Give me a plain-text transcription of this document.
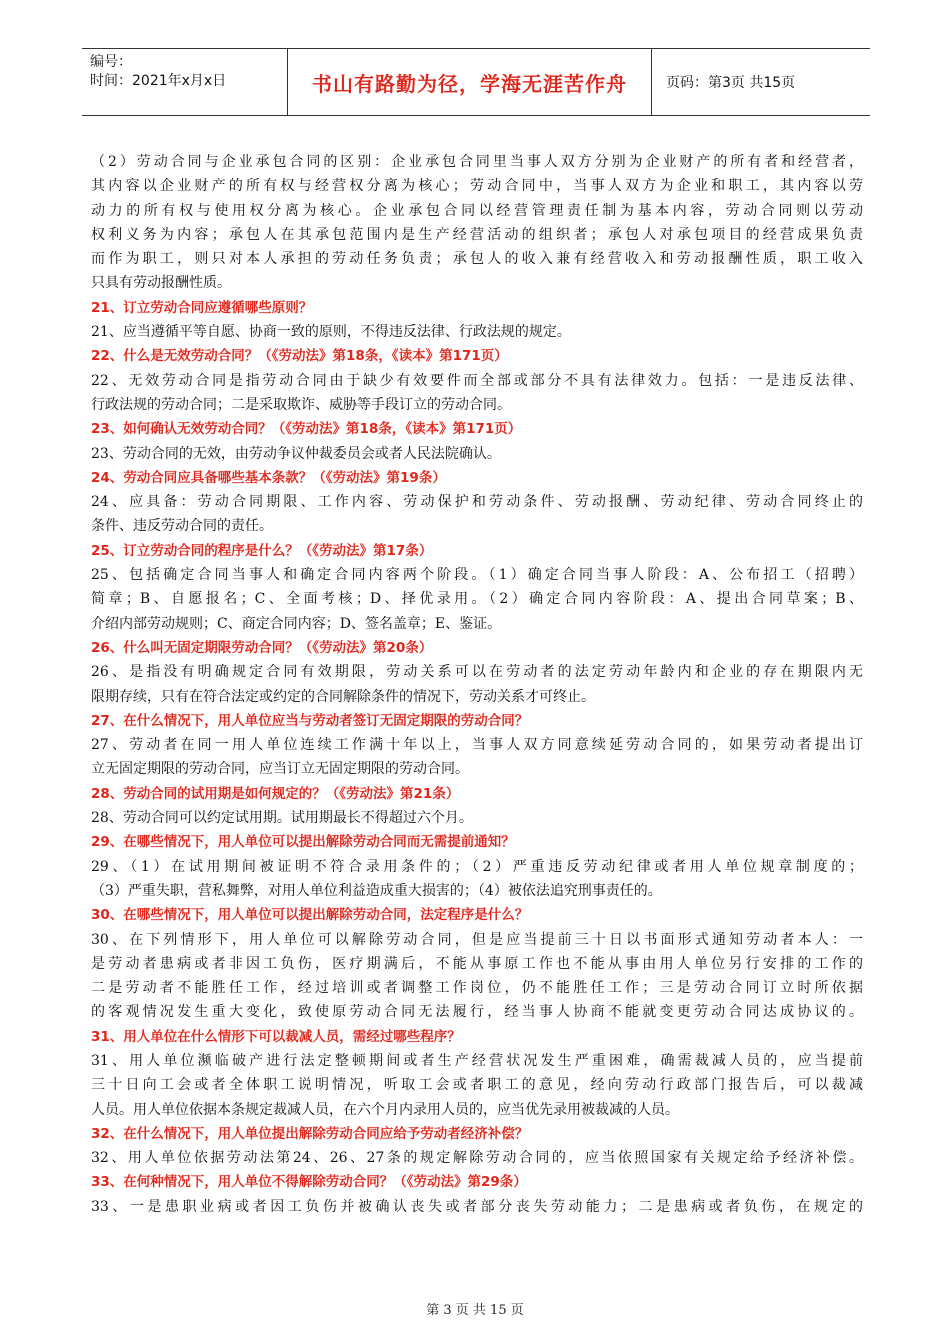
编号：
时间：2021年x月x日	书山有路勤为径，学海无涯苦作舟	页码：第3页 共15页
（2）劳动合同与企业承包合同的区别：企业承包合同里当事人双方分别为企业财产的所有者和经营者，
其内容以企业财产的所有权与经营权分离为核心；劳动合同中，当事人双方为企业和职工，其内容以劳
动力的所有权与使用权分离为核心。企业承包合同以经营管理责任制为基本内容，劳动合同则以劳动
权利义务为内容；承包人在其承包范围内是生产经营活动的组织者；承包人对承包项目的经营成果负责
而作为职工，则只对本人承担的劳动任务负责；承包人的收入兼有经营收入和劳动报酬性质，职工收入
只具有劳动报酬性质。
21、订立劳动合同应遵循哪些原则？
21、应当遵循平等自愿、协商一致的原则，不得违反法律、行政法规的规定。
22、什么是无效劳动合同？（《劳动法》第18条，《读本》第171页）
22、无效劳动合同是指劳动合同由于缺少有效要件而全部或部分不具有法律效力。包括：一是违反法律、
行政法规的劳动合同；二是采取欺诈、威胁等手段订立的劳动合同。
23、如何确认无效劳动合同？（《劳动法》第18条，《读本》第171页）
23、劳动合同的无效，由劳动争议仲裁委员会或者人民法院确认。
24、劳动合同应具备哪些基本条款？（《劳动法》第19条）
24、应具备：劳动合同期限、工作内容、劳动保护和劳动条件、劳动报酬、劳动纪律、劳动合同终止的
条件、违反劳动合同的责任。
25、订立劳动合同的程序是什么？（《劳动法》第17条）
25、包括确定合同当事人和确定合同内容两个阶段。（1）确定合同当事人阶段：A、公布招工（招聘）
简章；B、自愿报名；C、全面考核；D、择优录用。（2）确定合同内容阶段：A、提出合同草案；B、
介绍内部劳动规则；C、商定合同内容；D、签名盖章；E、鉴证。
26、什么叫无固定期限劳动合同？（《劳动法》第20条）
26、是指没有明确规定合同有效期限，劳动关系可以在劳动者的法定劳动年龄内和企业的存在期限内无
限期存续，只有在符合法定或约定的合同解除条件的情况下，劳动关系才可终止。
27、在什么情况下，用人单位应当与劳动者签订无固定期限的劳动合同？
27、劳动者在同一用人单位连续工作满十年以上，当事人双方同意续延劳动合同的，如果劳动者提出订
立无固定期限的劳动合同，应当订立无固定期限的劳动合同。
28、劳动合同的试用期是如何规定的？（《劳动法》第21条）
28、劳动合同可以约定试用期。试用期最长不得超过六个月。
29、在哪些情况下，用人单位可以提出解除劳动合同而无需提前通知？
29、（1）在试用期间被证明不符合录用条件的；（2）严重违反劳动纪律或者用人单位规章制度的；
（3）严重失职，营私舞弊，对用人单位利益造成重大损害的；（4）被依法追究刑事责任的。
30、在哪些情况下，用人单位可以提出解除劳动合同，法定程序是什么？
30、在下列情形下，用人单位可以解除劳动合同，但是应当提前三十日以书面形式通知劳动者本人：一
是劳动者患病或者非因工负伤，医疗期满后，不能从事原工作也不能从事由用人单位另行安排的工作的
二是劳动者不能胜任工作，经过培训或者调整工作岗位，仍不能胜任工作；三是劳动合同订立时所依据
的客观情况发生重大变化，致使原劳动合同无法履行，经当事人协商不能就变更劳动合同达成协议的。
31、用人单位在什么情形下可以裁减人员，需经过哪些程序？
31、用人单位濒临破产进行法定整顿期间或者生产经营状况发生严重困难，确需裁减人员的，应当提前
三十日向工会或者全体职工说明情况，听取工会或者职工的意见，经向劳动行政部门报告后，可以裁减
人员。用人单位依据本条规定裁减人员，在六个月内录用人员的，应当优先录用被裁减的人员。
32、在什么情况下，用人单位提出解除劳动合同应给予劳动者经济补偿？
32、用人单位依据劳动法第24、26、27条的规定解除劳动合同的，应当依照国家有关规定给予经济补偿。
33、在何种情况下，用人单位不得解除劳动合同？（《劳动法》第29条）
33、一是患职业病或者因工负伤并被确认丧失或者部分丧失劳动能力；二是患病或者负伤，在规定的
第 3 页 共 15 页
